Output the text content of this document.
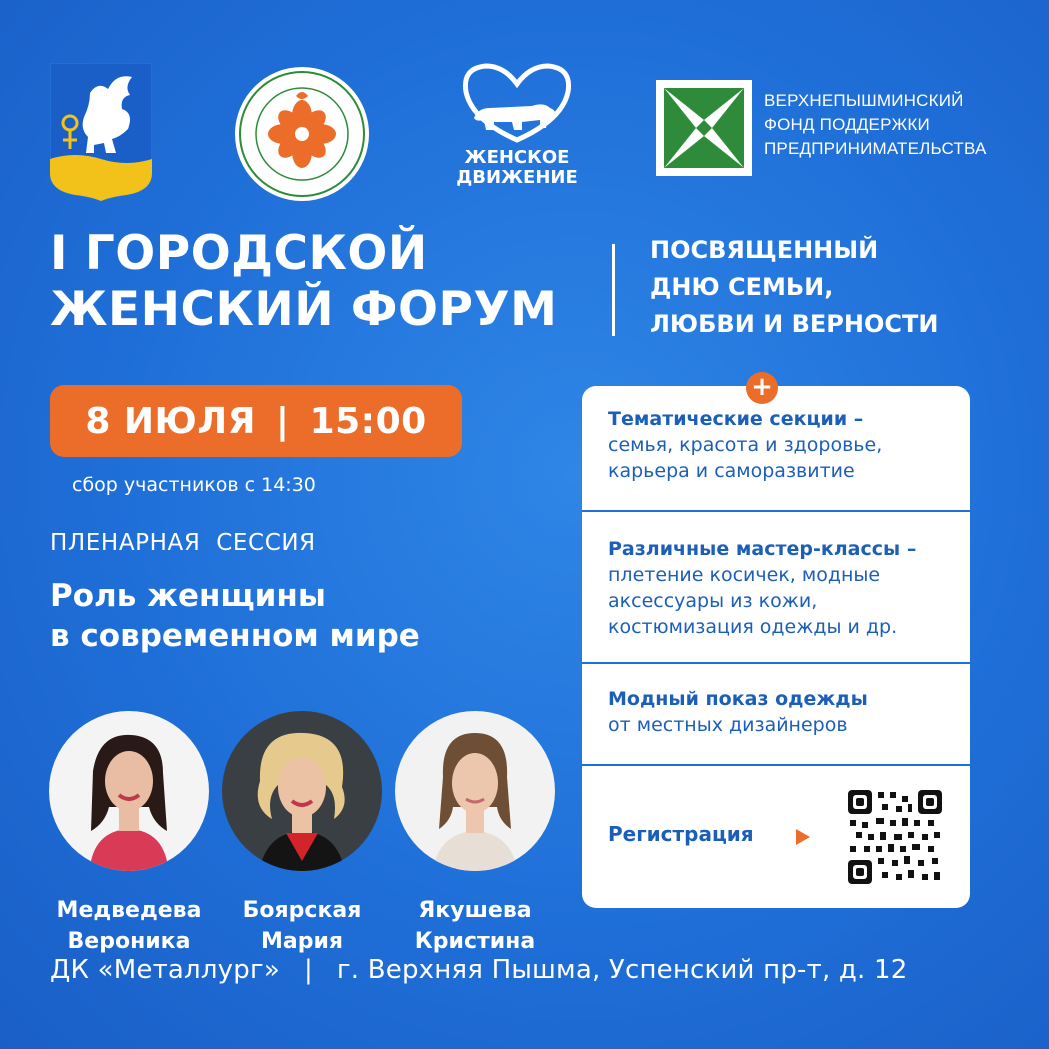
ЖЕНСКОЕ
ДВИЖЕНИЕ
ВЕРХНЕПЫШМИНСКИЙ
ФОНД ПОДДЕРЖКИ
ПРЕДПРИНИМАТЕЛЬСТВА
I ГОРОДСКОЙ
ЖЕНСКИЙ ФОРУМ
ПОСВЯЩЕННЫЙ
ДНЮ СЕМЬИ,
ЛЮБВИ И ВЕРНОСТИ
8 ИЮЛЯ | 15:00
сбор участников с 14:30
ПЛЕНАРНАЯ  СЕССИЯ
Роль женщины
в современном мире
Медведева
Вероника
Боярская
Мария
Якушева
Кристина
+
Тематические секции –
семья, красота и здоровье,
карьера и саморазвитие
Различные мастер-классы –
плетение косичек, модные
аксессуары из кожи,
костюмизация одежды и др.
Модный показ одежды
от местных дизайнеров
Регистрация
ДК «Металлург» | г. Верхняя Пышма, Успенский пр-т, д. 12
